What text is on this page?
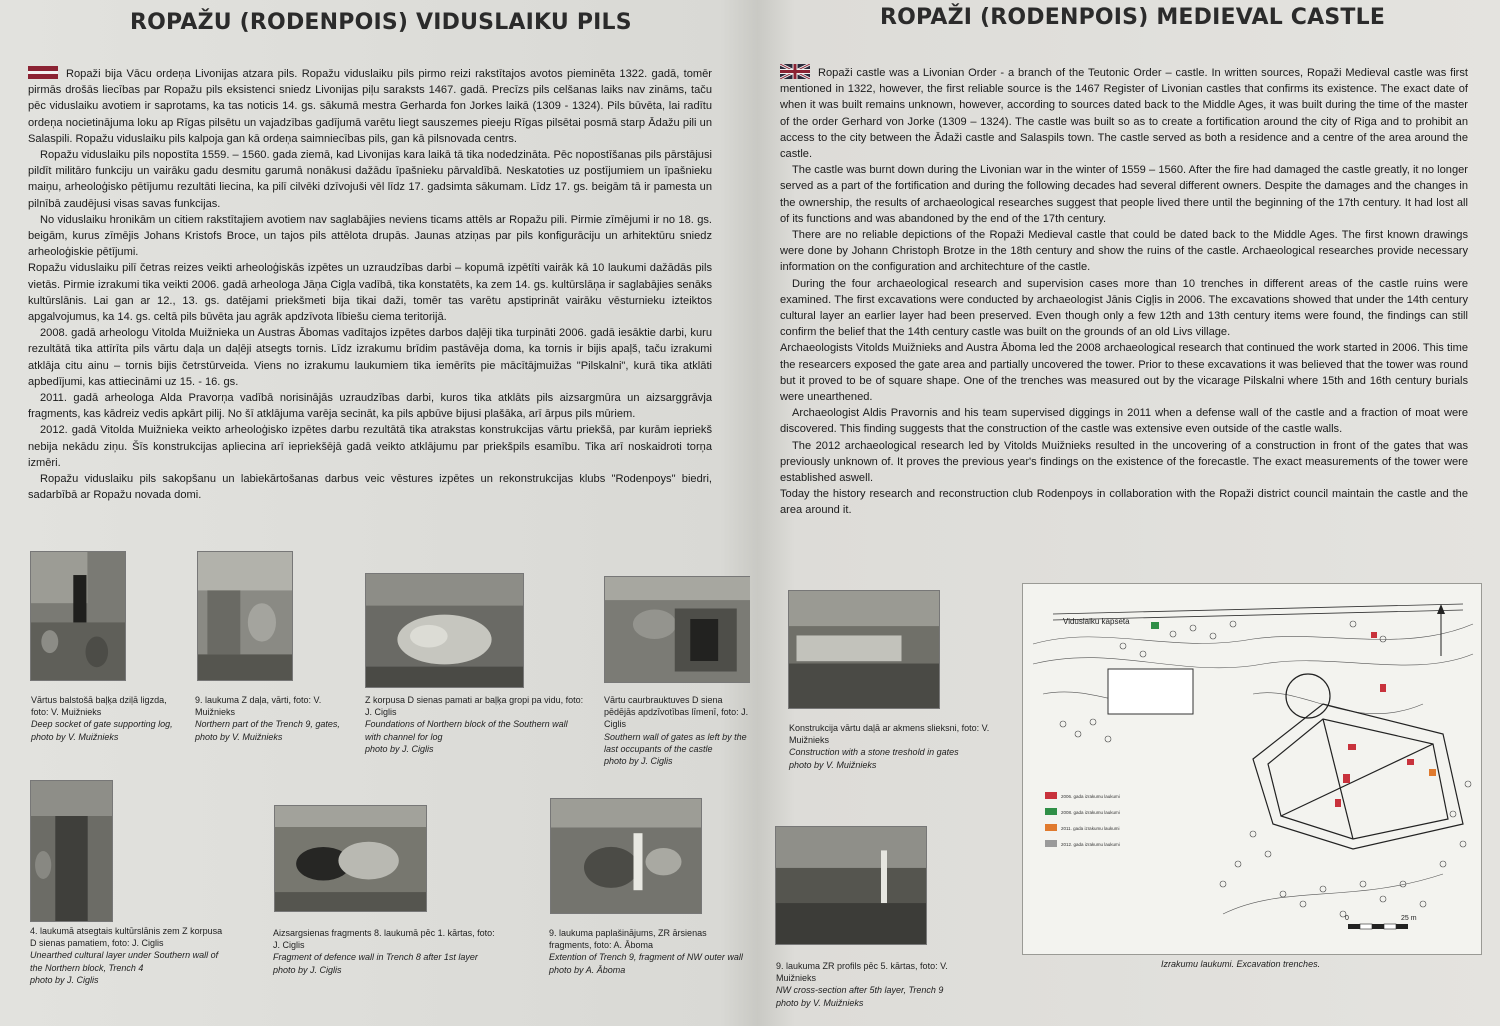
ROPAŽU (RODENPOIS) VIDUSLAIKU PILS

Ropaži bija Vācu ordeņa Livonijas atzara pils. Ropažu viduslaiku pils pirmo reizi rakstītajos avotos pieminēta 1322. gadā, tomēr pirmās drošās liecības par Ropažu pils eksistenci sniedz Livonijas piļu saraksts 1467. gadā. Precīzs pils celšanas laiks nav zināms, taču pēc viduslaiku avotiem ir saprotams, ka tas noticis 14. gs. sākumā mestra Gerharda fon Jorkes laikā (1309 - 1324). Pils būvēta, lai radītu ordeņa nocietinājuma loku ap Rīgas pilsētu un vajadzības gadījumā varētu liegt sauszemes pieeju Rīgas pilsētai posmā starp Ādažu pili un Salaspili. Ropažu viduslaiku pils kalpoja gan kā ordeņa saimniecības pils, gan kā pilsnovada centrs.

Ropažu viduslaiku pils nopostīta 1559. – 1560. gada ziemā, kad Livonijas kara laikā tā tika nodedzināta. Pēc nopostīšanas pils pārstājusi pildīt militāro funkciju un vairāku gadu desmitu garumā nonākusi dažādu īpašnieku pārvaldībā. Neskatoties uz postījumiem un īpašnieku maiņu, arheoloģisko pētījumu rezultāti liecina, ka pilī cilvēki dzīvojuši vēl līdz 17. gadsimta sākumam. Līdz 17. gs. beigām tā ir pamesta un pilnībā zaudējusi visas savas funkcijas.

No viduslaiku hronikām un citiem rakstītajiem avotiem nav saglabājies neviens ticams attēls ar Ropažu pili. Pirmie zīmējumi ir no 18. gs. beigām, kurus zīmējis Johans Kristofs Broce, un tajos pils attēlota drupās. Jaunas atziņas par pils konfigurāciju un arhitektūru sniedz arheoloģiskie pētījumi.

Ropažu viduslaiku pilī četras reizes veikti arheoloģiskās izpētes un uzraudzības darbi – kopumā izpētīti vairāk kā 10 laukumi dažādās pils vietās. Pirmie izrakumi tika veikti 2006. gadā arheologa Jāņa Cigļa vadībā, tika konstatēts, ka zem 14. gs. kultūrslāņa ir saglabājies senāks kultūrslānis. Lai gan ar 12., 13. gs. datējami priekšmeti bija tikai daži, tomēr tas varētu apstiprināt vairāku vēsturnieku izteiktos apgalvojumus, ka 14. gs. celtā pils būvēta jau agrāk apdzīvota lībiešu ciema teritorijā.

2008. gadā arheologu Vitolda Muižnieka un Austras Ābomas vadītajos izpētes darbos daļēji tika turpināti 2006. gadā iesāktie darbi, kuru rezultātā tika attīrīta pils vārtu daļa un daļēji atsegts tornis. Līdz izrakumu brīdim pastāvēja doma, ka tornis ir bijis apaļš, taču izrakumi atklāja citu ainu – tornis bijis četrstūrveida. Viens no izrakumu laukumiem tika iemērīts pie mācītājmuižas "Pilskalni", kurā tika atklāti apbedījumi, kas attiecināmi uz 15. - 16. gs.

2011. gadā arheologa Alda Pravorņa vadībā norisinājās uzraudzības darbi, kuros tika atklāts pils aizsargmūra un aizsarggrāvja fragments, kas kādreiz vedis apkārt pilij. No šī atklājuma varēja secināt, ka pils apbūve bijusi plašāka, arī ārpus pils mūriem.

2012. gadā Vitolda Muižnieka veikto arheoloģisko izpētes darbu rezultātā tika atrakstas konstrukcijas vārtu priekšā, par kurām iepriekš nebija nekādu ziņu. Šīs konstrukcijas apliecina arī iepriekšējā gadā veikto atklājumu par priekšpils esamību. Tika arī noskaidroti torņa izmēri.

Ropažu viduslaiku pils sakopšanu un labiekārtošanas darbus veic vēstures izpētes un rekonstrukcijas klubs "Rodenpoys" biedri, sadarbībā ar Ropažu novada domi.

Vārtus balstošā baļķa dziļā ligzda, foto: V. Muižnieks
Deep socket of gate supporting log, photo by V. Muižnieks
9. laukuma Z daļa, vārti, foto: V. Muižnieks
Northern part of the Trench 9, gates, photo by V. Muižnieks
Z korpusa D sienas pamati ar baļķa gropi pa vidu, foto: J. Ciglis
Foundations of Northern block of the Southern wall with channel for log
photo by J. Ciglis
Vārtu caurbrauktuves D siena pēdējās apdzīvotības līmenī, foto: J. Ciglis
Southern wall of gates as left by the last occupants of the castle
photo by J. Ciglis
4. laukumā atsegtais kultūrslānis zem Z korpusa D sienas pamatiem, foto: J. Ciglis
Unearthed cultural layer under Southern wall of the Northern block, Trench 4
photo by J. Ciglis
Aizsargsienas fragments 8. laukumā pēc 1. kārtas, foto: J. Ciglis
Fragment of defence wall in Trench 8 after 1st layer
photo by J. Ciglis
9. laukuma paplašinājums, ZR ārsienas fragments, foto: A. Āboma
Extention of Trench 9, fragment of NW outer wall
photo by A. Āboma
ROPAŽI (RODENPOIS) MEDIEVAL CASTLE

Ropaži castle was a Livonian Order - a branch of the Teutonic Order – castle. In written sources, Ropaži Medieval castle was first mentioned in 1322, however, the first reliable source is the 1467 Register of Livonian castles that confirms its existence. The exact date of when it was built remains unknown, however, according to sources dated back to the Middle Ages, it was built during the time of the master of the order Gerhard von Jorke (1309 – 1324). The castle was built so as to create a fortification around the city of Riga and to prohibit an access to the city between the Ādaži castle and Salaspils town. The castle served as both a residence and a centre of the area around the castle.

The castle was burnt down during the Livonian war in the winter of 1559 – 1560. After the fire had damaged the castle greatly, it no longer served as a part of the fortification and during the following decades had several different owners. Despite the damages and the changes in the ownership, the results of archaeological researches suggest that people lived there until the beginning of the 17th century. It had lost all of its functions and was abandoned by the end of the 17th century.

There are no reliable depictions of the Ropaži Medieval castle that could be dated back to the Middle Ages. The first known drawings were done by Johann Christoph Brotze in the 18th century and show the ruins of the castle. Archaeological researches provide necessary information on the configuration and architechture of the castle.

During the four archaeological research and supervision cases more than 10 trenches in different areas of the castle ruins were examined. The first excavations were conducted by archaeologist Jānis Cigļis in 2006. The excavations showed that under the 14th century cultural layer an earlier layer had been preserved. Even though only a few 12th and 13th century items were found, the findings can still confirm the belief that the 14th century castle was built on the grounds of an old Livs village.

Archaeologists Vitolds Muižnieks and Austra Āboma led the 2008 archaeological research that continued the work started in 2006. This time the researcers exposed the gate area and partially uncovered the tower. Prior to these excavations it was believed that the tower was round but it proved to be of square shape. One of the trenches was measured out by the vicarage Pilskalni where 15th and 16th century burials were unearthened.

Archaeologist Aldis Pravornis and his team supervised diggings in 2011 when a defense wall of the castle and a fraction of moat were discovered. This finding suggests that the construction of the castle was extensive even outside of the castle walls.

The 2012 archaeological research led by Vitolds Muižnieks resulted in the uncovering of a construction in front of the gates that was previously unknown of. It proves the previous year's findings on the existence of the forecastle. The exact measurements of the tower were established aswell.

Today the history research and reconstruction club Rodenpoys in collaboration with the Ropaži district council maintain the castle and the area around it.

Konstrukcija vārtu daļā ar akmens slieksni, foto: V. Muižnieks
Construction with a stone treshold in gates
photo by V. Muižnieks
9. laukuma ZR profils pēc 5. kārtas, foto: V. Muižnieks
NW cross-section after 5th layer, Trench 9
photo by V. Muižnieks
Viduslaiku kapsēta
2006. gada izrakumu laukumi
2008. gada izrakumu laukumi
2011. gada izrakumu laukumi
2012. gada izrakumu laukumi
0	25 m
Izrakumu laukumi. Excavation trenches.
